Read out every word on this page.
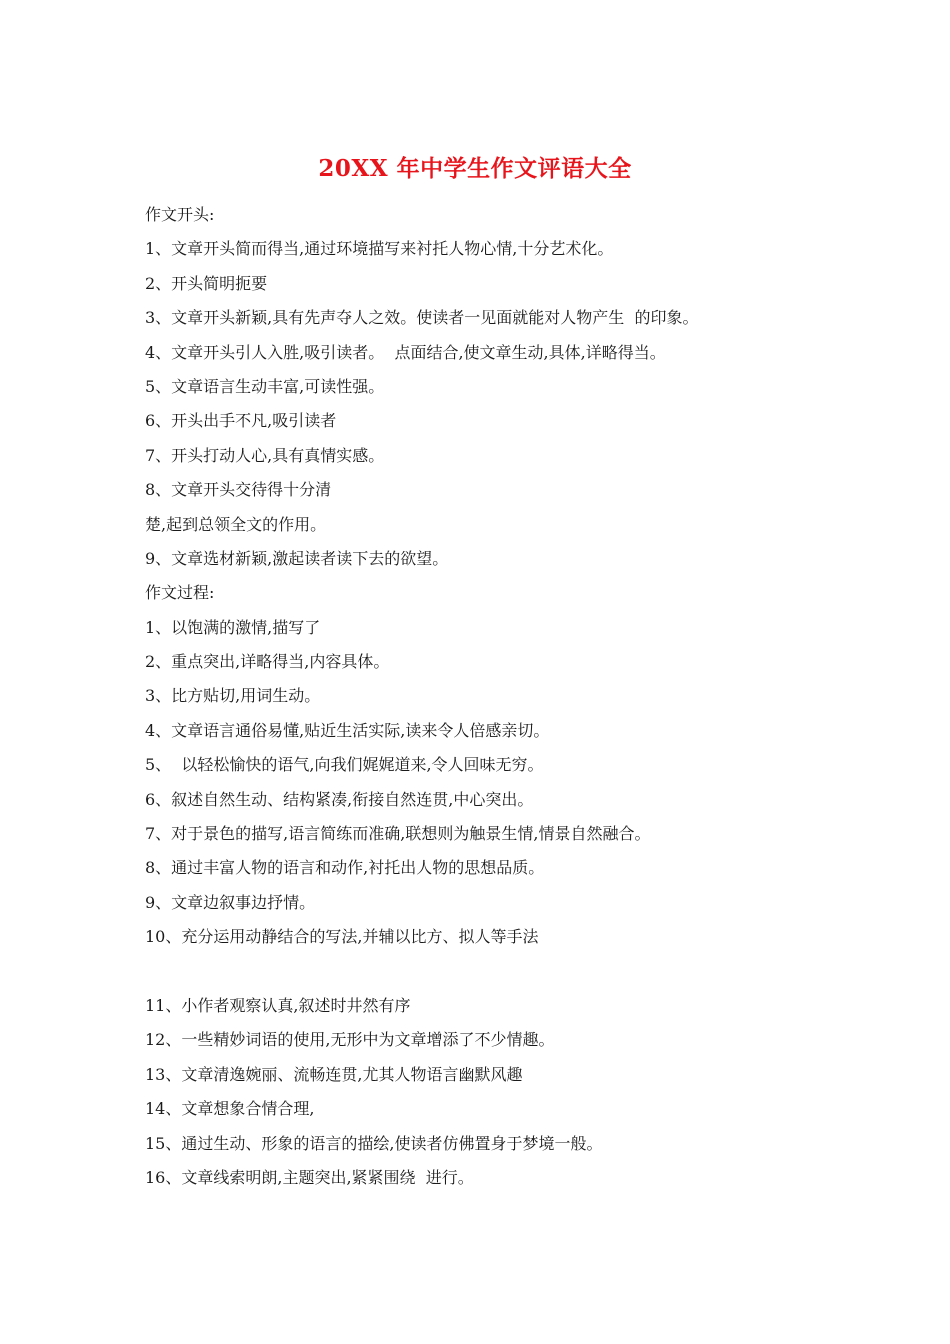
20XX 年中学生作文评语大全
作文开头:
1、文章开头简而得当,通过环境描写来衬托人物心情,十分艺术化。
2、开头简明扼要
3、文章开头新颖,具有先声夺人之效。使读者一见面就能对人物产生  的印象。
4、文章开头引人入胜,吸引读者。  点面结合,使文章生动,具体,详略得当。
5、文章语言生动丰富,可读性强。
6、开头出手不凡,吸引读者
7、开头打动人心,具有真情实感。
8、文章开头交待得十分清
楚,起到总领全文的作用。
9、文章选材新颖,激起读者读下去的欲望。
作文过程:
1、以饱满的激情,描写了
2、重点突出,详略得当,内容具体。
3、比方贴切,用词生动。
4、文章语言通俗易懂,贴近生活实际,读来令人倍感亲切。
5、  以轻松愉快的语气,向我们娓娓道来,令人回味无穷。
6、叙述自然生动、结构紧凑,衔接自然连贯,中心突出。
7、对于景色的描写,语言简练而准确,联想则为触景生情,情景自然融合。
8、通过丰富人物的语言和动作,衬托出人物的思想品质。
9、文章边叙事边抒情。
10、充分运用动静结合的写法,并辅以比方、拟人等手法
11、小作者观察认真,叙述时井然有序
12、一些精妙词语的使用,无形中为文章增添了不少情趣。
13、文章清逸婉丽、流畅连贯,尤其人物语言幽默风趣
14、文章想象合情合理,
15、通过生动、形象的语言的描绘,使读者仿佛置身于梦境一般。
16、文章线索明朗,主题突出,紧紧围绕  进行。
